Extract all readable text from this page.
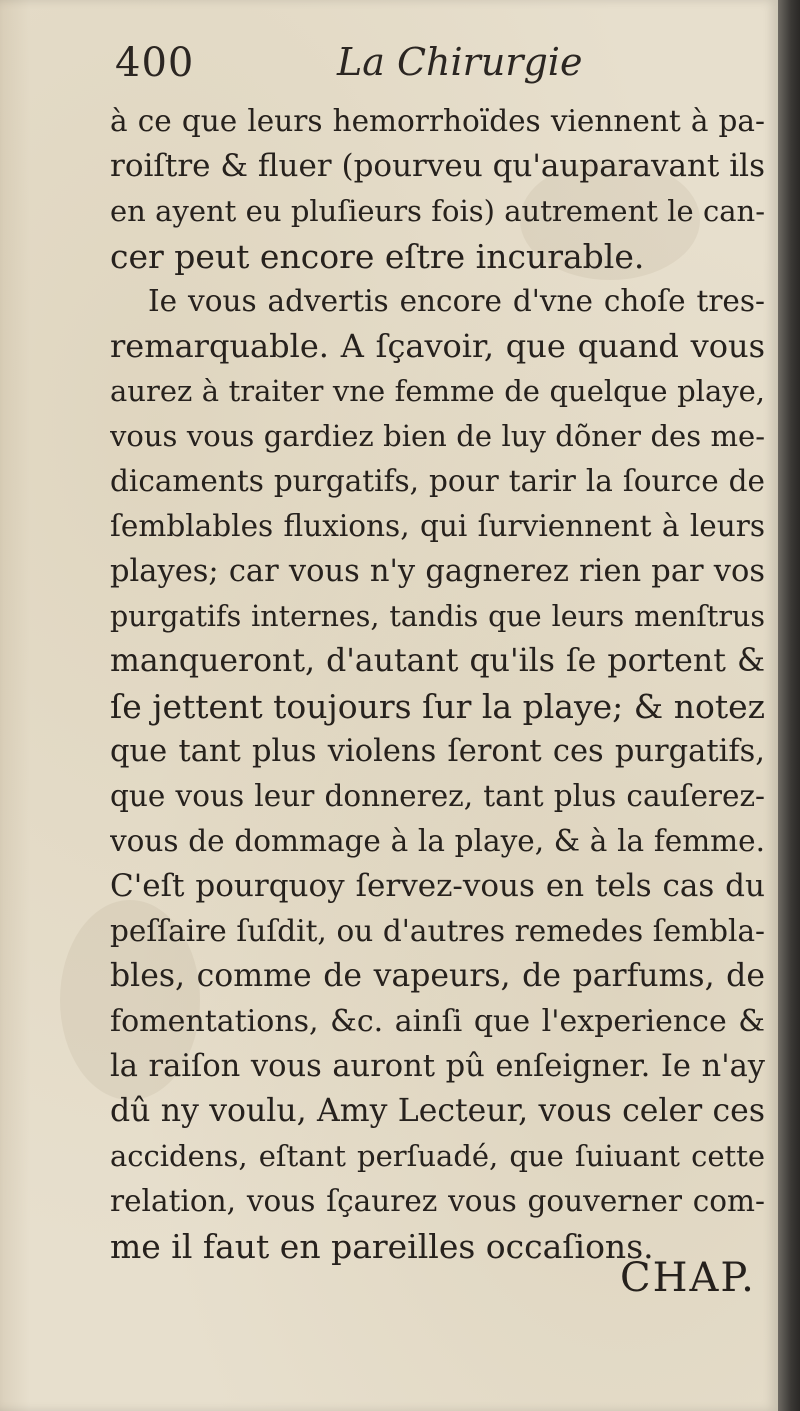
400	La Chirurgie
à ce que leurs hemorrhoïdes viennent à pa-
roiſtre & fluer (pourveu qu'auparavant ils
en ayent eu pluſieurs fois) autrement le can-
cer peut encore eſtre incurable.
Ie vous advertis encore d'vne choſe tres-
remarquable. A ſçavoir, que quand vous
aurez à traiter vne femme de quelque playe,
vous vous gardiez bien de luy dõner des me-
dicaments purgatifs, pour tarir la ſource de
ſemblables fluxions, qui ſurviennent à leurs
playes; car vous n'y gagnerez rien par vos
purgatifs internes, tandis que leurs menſtrus
manqueront, d'autant qu'ils ſe portent &
ſe jettent toujours ſur la playe; & notez
que tant plus violens ſeront ces purgatifs,
que vous leur donnerez, tant plus cauſerez-
vous de dommage à la playe, & à la femme.
C'eſt pourquoy ſervez-vous en tels cas du
peſſaire ſuſdit, ou d'autres remedes ſembla-
bles, comme de vapeurs, de parfums, de
fomentations, &c. ainſi que l'experience &
la raiſon vous auront pû enſeigner. Ie n'ay
dû ny voulu, Amy Lecteur, vous celer ces
accidens, eſtant perſuadé, que ſuiuant cette
relation, vous ſçaurez vous gouverner com-
me il faut en pareilles occaſions.
CHAP.
